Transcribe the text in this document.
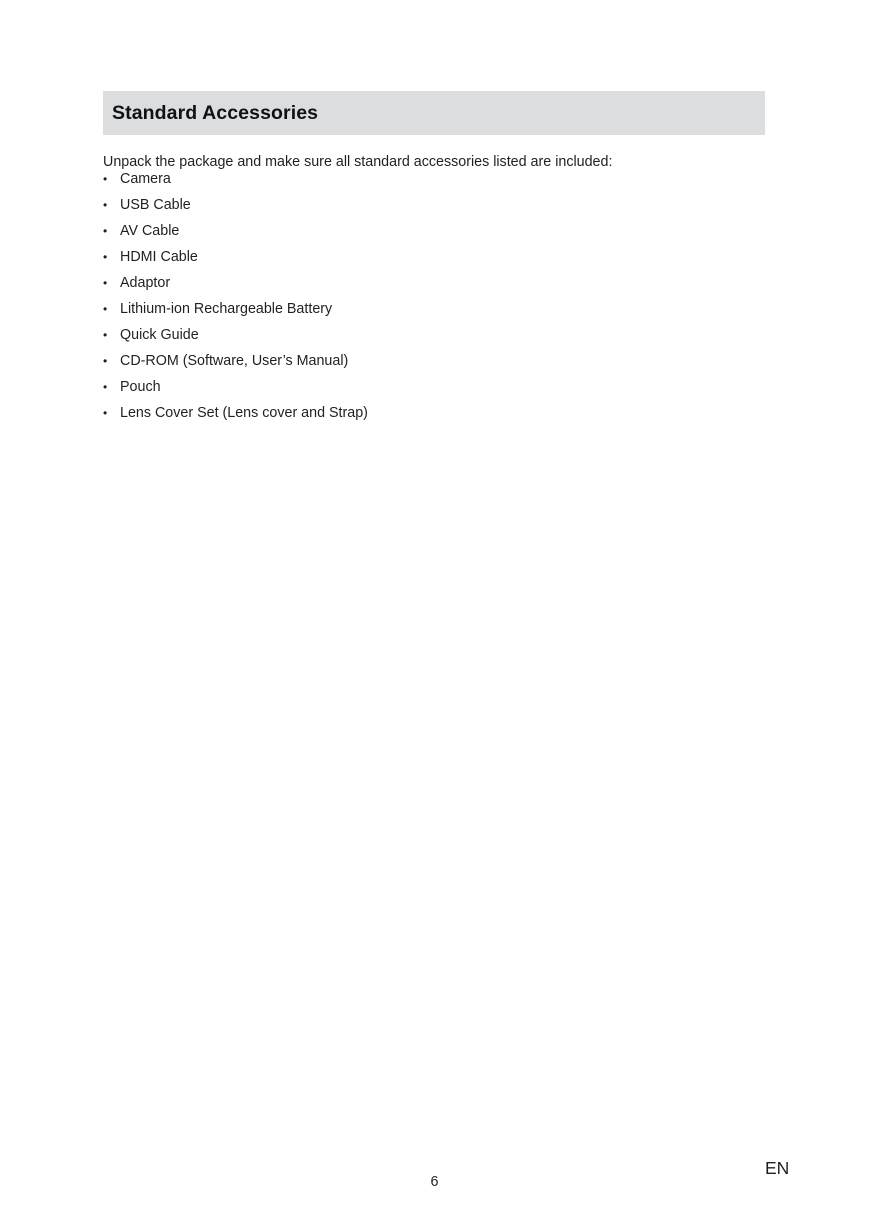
Standard Accessories
Unpack the package and make sure all standard accessories listed are included:
• Camera
• USB Cable
• AV Cable
• HDMI Cable
• Adaptor
• Lithium-ion Rechargeable Battery
• Quick Guide
• CD-ROM (Software, User’s Manual)
• Pouch
• Lens Cover Set (Lens cover and Strap)
6
EN
